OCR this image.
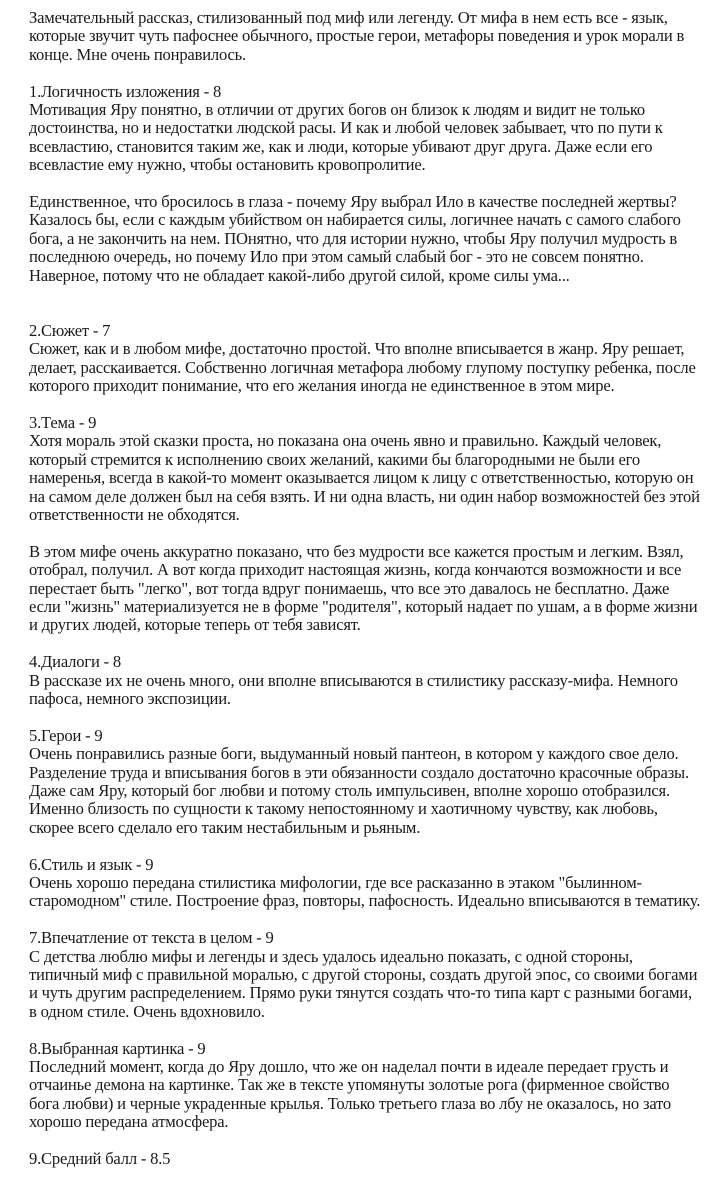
Замечательный рассказ, стилизованный под миф или легенду. От мифа в нем есть все - язык,

которые звучит чуть пафоснее обычного, простые герои, метафоры поведения и урок морали в

конце. Мне очень понравилось.

1.Логичность изложения - 8

Мотивация Яру понятно, в отличии от других богов он близок к людям и видит не только

достоинства, но и недостатки людской расы. И как и любой человек забывает, что по пути к

всевластию, становится таким же, как и люди, которые убивают друг друга. Даже если его

всевластие ему нужно, чтобы остановить кровопролитие.

Единственное, что бросилось в глаза - почему Яру выбрал Ило в качестве последней жертвы?

Казалось бы, если с каждым убийством он набирается силы, логичнее начать с самого слабого

бога, а не закончить на нем. ПОнятно, что для истории нужно, чтобы Яру получил мудрость в

последнюю очередь, но почему Ило при этом самый слабый бог - это не совсем понятно.

Наверное, потому что не обладает какой-либо другой силой, кроме силы ума...

2.Сюжет - 7

Сюжет, как и в любом мифе, достаточно простой. Что вполне вписывается в жанр. Яру решает,

делает, расскаивается. Собственно логичная метафора любому глупому поступку ребенка, после

которого приходит понимание, что его желания иногда не единственное в этом мире.

3.Тема - 9

Хотя мораль этой сказки проста, но показана она очень явно и правильно. Каждый человек,

который стремится к исполнению своих желаний, какими бы благородными не были его

намеренья, всегда в какой-то момент оказывается лицом к лицу с ответственностью, которую он

на самом деле должен был на себя взять. И ни одна власть, ни один набор возможностей без этой

ответственности не обходятся.

В этом мифе очень аккуратно показано, что без мудрости все кажется простым и легким. Взял,

отобрал, получил. А вот когда приходит настоящая жизнь, когда кончаются возможности и все

перестает быть "легко", вот тогда вдруг понимаешь, что все это давалось не бесплатно. Даже

если "жизнь" материализуется не в форме "родителя", который надает по ушам, а в форме жизни

и других людей, которые теперь от тебя зависят.

4.Диалоги - 8

В рассказе их не очень много, они вполне вписываются в стилистику рассказу-мифа. Немного

пафоса, немного экспозиции.

5.Герои - 9

Очень понравились разные боги, выдуманный новый пантеон, в котором у каждого свое дело.

Разделение труда и вписывания богов в эти обязанности создало достаточно красочные образы.

Даже сам Яру, который бог любви и потому столь импульсивен, вполне хорошо отобразился.

Именно близость по сущности к такому непостоянному и хаотичному чувству, как любовь,

скорее всего сделало его таким нестабильным и рьяным.

6.Стиль и язык - 9

Очень хорошо передана стилистика мифологии, где все расказанно в этаком "былинном-

старомодном" стиле. Построение фраз, повторы, пафосность. Идеально вписываются в тематику.

7.Впечатление от текста в целом - 9

С детства люблю мифы и легенды и здесь удалось идеально показать, с одной стороны,

типичный миф с правильной моралью, с другой стороны, создать другой эпос, со своими богами

и чуть другим распределением. Прямо руки тянутся создать что-то типа карт с разными богами,

в одном стиле. Очень вдохновило.

8.Выбранная картинка - 9

Последний момент, когда до Яру дошло, что же он наделал почти в идеале передает грусть и

отчаинье демона на картинке. Так же в тексте упомянуты золотые рога (фирменное свойство

бога любви) и черные украденные крылья. Только третьего глаза во лбу не оказалось, но зато

хорошо передана атмосфера.

9.Средний балл - 8.5
